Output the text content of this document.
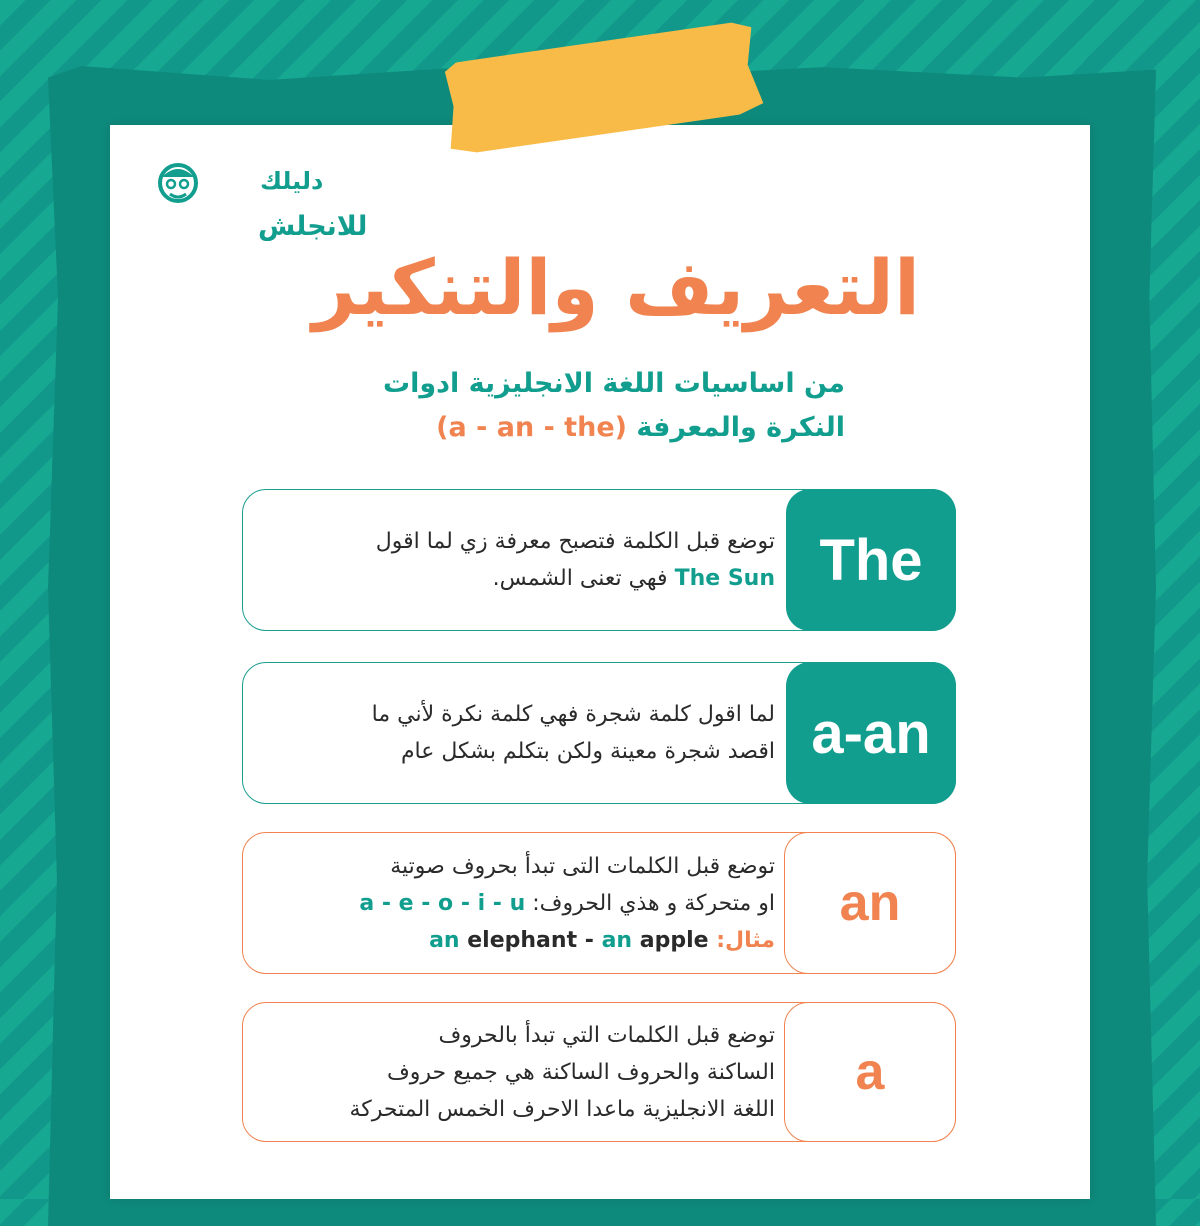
دليلك
للانجلش
التعريف والتنكير
من اساسيات اللغة الانجليزية ادوات
النكرة والمعرفة (a - an - the)
توضع قبل الكلمة فتصبح معرفة زي لما اقول
The Sun فهي تعنى الشمس.	The
لما اقول كلمة شجرة فهي كلمة نكرة لأني ما
اقصد شجرة معينة ولكن بتكلم بشكل عام a-an
توضع قبل الكلمات التى تبدأ بحروف صوتية
او متحركة و هذي الحروف: a - e - o - i - u
مثال: an elephant - an apple
an
توضع قبل الكلمات التي تبدأ بالحروف
الساكنة والحروف الساكنة هي جميع حروف
اللغة الانجليزية ماعدا الاحرف الخمس المتحركة
a
